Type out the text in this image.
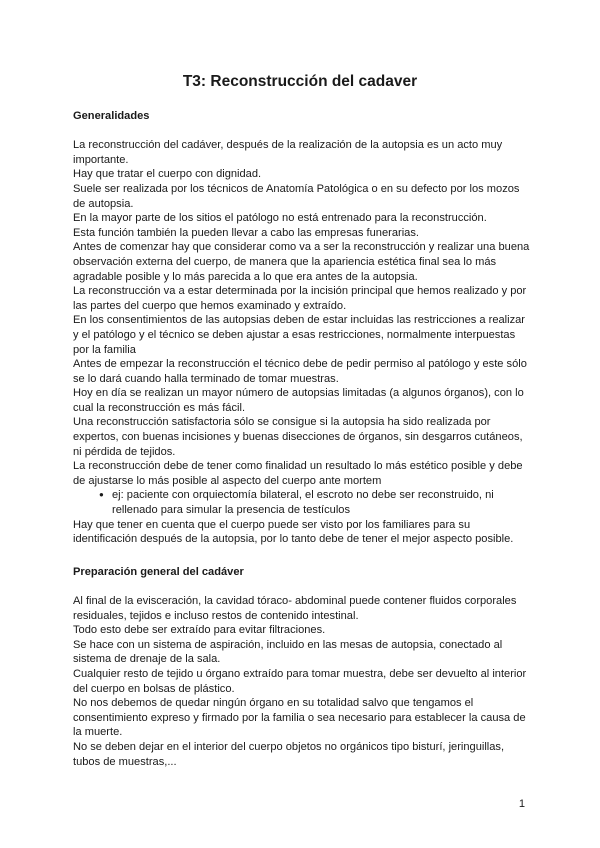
T3: Reconstrucción del cadaver

Generalidades

La reconstrucción del cadáver, después de la realización de la autopsia es un acto muy importante.

Hay que tratar el cuerpo con dignidad.

Suele ser realizada por los técnicos de Anatomía Patológica o en su defecto por los mozos de autopsia.

En la mayor parte de los sitios el patólogo no está entrenado para la reconstrucción.

Esta función también la pueden llevar a cabo las empresas funerarias.

Antes de comenzar hay que considerar como va a ser la reconstrucción y realizar una buena observación externa del cuerpo, de manera que la apariencia estética final sea lo más agradable posible y lo más parecida a lo que era antes de la autopsia.

La reconstrucción va a estar determinada por la incisión principal que hemos realizado y por las partes del cuerpo que hemos examinado y extraído.

En los consentimientos de las autopsias deben de estar incluidas las restricciones a realizar y el patólogo y el técnico se deben ajustar a esas restricciones, normalmente interpuestas por la familia

Antes de empezar la reconstrucción el técnico debe de pedir permiso al patólogo y este sólo se lo dará cuando halla terminado de tomar muestras.

Hoy en día se realizan un mayor número de autopsias limitadas (a algunos órganos), con lo cual la reconstrucción es más fácil.

Una reconstrucción satisfactoria sólo se consigue si la autopsia ha sido realizada por expertos, con buenas incisiones y buenas disecciones de órganos, sin desgarros cutáneos, ni pérdida de tejidos.

La reconstrucción debe de tener como finalidad un resultado lo más estético posible y debe de ajustarse lo más posible al aspecto del cuerpo ante mortem

● ej: paciente con orquiectomía bilateral, el escroto no debe ser reconstruido, ni rellenado para simular la presencia de testículos

Hay que tener en cuenta que el cuerpo puede ser visto por los familiares para su identificación después de la autopsia, por lo tanto debe de tener el mejor aspecto posible.

Preparación general del cadáver

Al final de la evisceración, la cavidad tóraco- abdominal puede contener fluidos corporales residuales, tejidos e incluso restos de contenido intestinal.

Todo esto debe ser extraído para evitar filtraciones.

Se hace con un sistema de aspiración, incluido en las mesas de autopsia, conectado al sistema de drenaje de la sala.

Cualquier resto de tejido u órgano extraído para tomar muestra, debe ser devuelto al interior del cuerpo en bolsas de plástico.

No nos debemos de quedar ningún órgano en su totalidad salvo que tengamos el consentimiento expreso y firmado por la familia o sea necesario para establecer la causa de la muerte.

No se deben dejar en el interior del cuerpo objetos no orgánicos tipo bisturí, jeringuillas, tubos de muestras,...

1
